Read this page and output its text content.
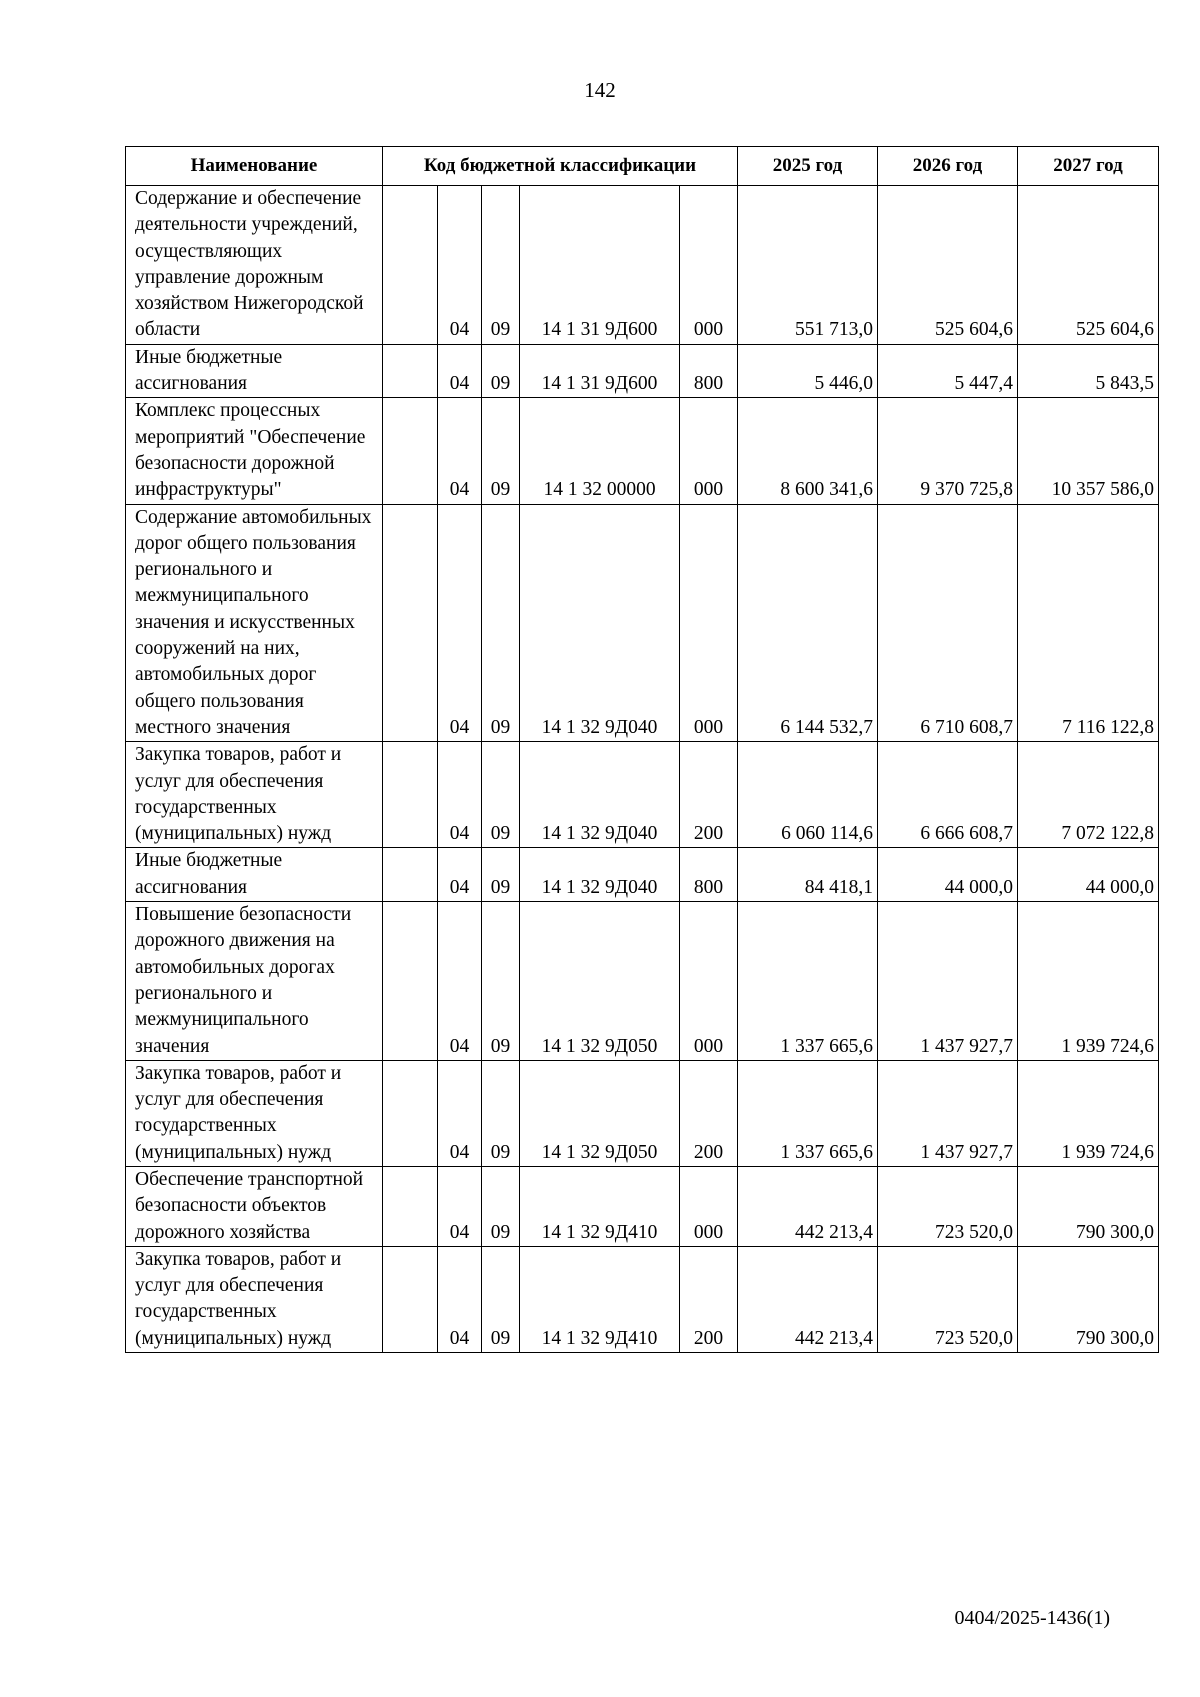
142
Наименование	Код бюджетной классификации					2025 год	2026 год	2027 год
Содержание и обеспечение деятельности учреждений, осуществляющих управление дорожным хозяйством Нижегородской области		04	09	14 1 31 9Д600	000	551 713,0	525 604,6	525 604,6
Иные бюджетные ассигнования		04	09	14 1 31 9Д600	800	5 446,0	5 447,4	5 843,5
Комплекс процессных мероприятий "Обеспечение безопасности дорожной инфраструктуры"		04	09	14 1 32 00000	000	8 600 341,6	9 370 725,8	10 357 586,0
Содержание автомобильных дорог общего пользования регионального и межмуниципального значения и искусственных сооружений на них, автомобильных дорог общего пользования местного значения		04	09	14 1 32 9Д040	000	6 144 532,7	6 710 608,7	7 116 122,8
Закупка товаров, работ и услуг для обеспечения государственных (муниципальных) нужд		04	09	14 1 32 9Д040	200	6 060 114,6	6 666 608,7	7 072 122,8
Иные бюджетные ассигнования		04	09	14 1 32 9Д040	800	84 418,1	44 000,0	44 000,0
Повышение безопасности дорожного движения на автомобильных дорогах регионального и межмуниципального значения		04	09	14 1 32 9Д050	000	1 337 665,6	1 437 927,7	1 939 724,6
Закупка товаров, работ и услуг для обеспечения государственных (муниципальных) нужд		04	09	14 1 32 9Д050	200	1 337 665,6	1 437 927,7	1 939 724,6
Обеспечение транспортной безопасности объектов дорожного хозяйства		04	09	14 1 32 9Д410	000	442 213,4	723 520,0	790 300,0
Закупка товаров, работ и услуг для обеспечения государственных (муниципальных) нужд		04	09	14 1 32 9Д410	200	442 213,4	723 520,0	790 300,0
0404/2025-1436(1)
